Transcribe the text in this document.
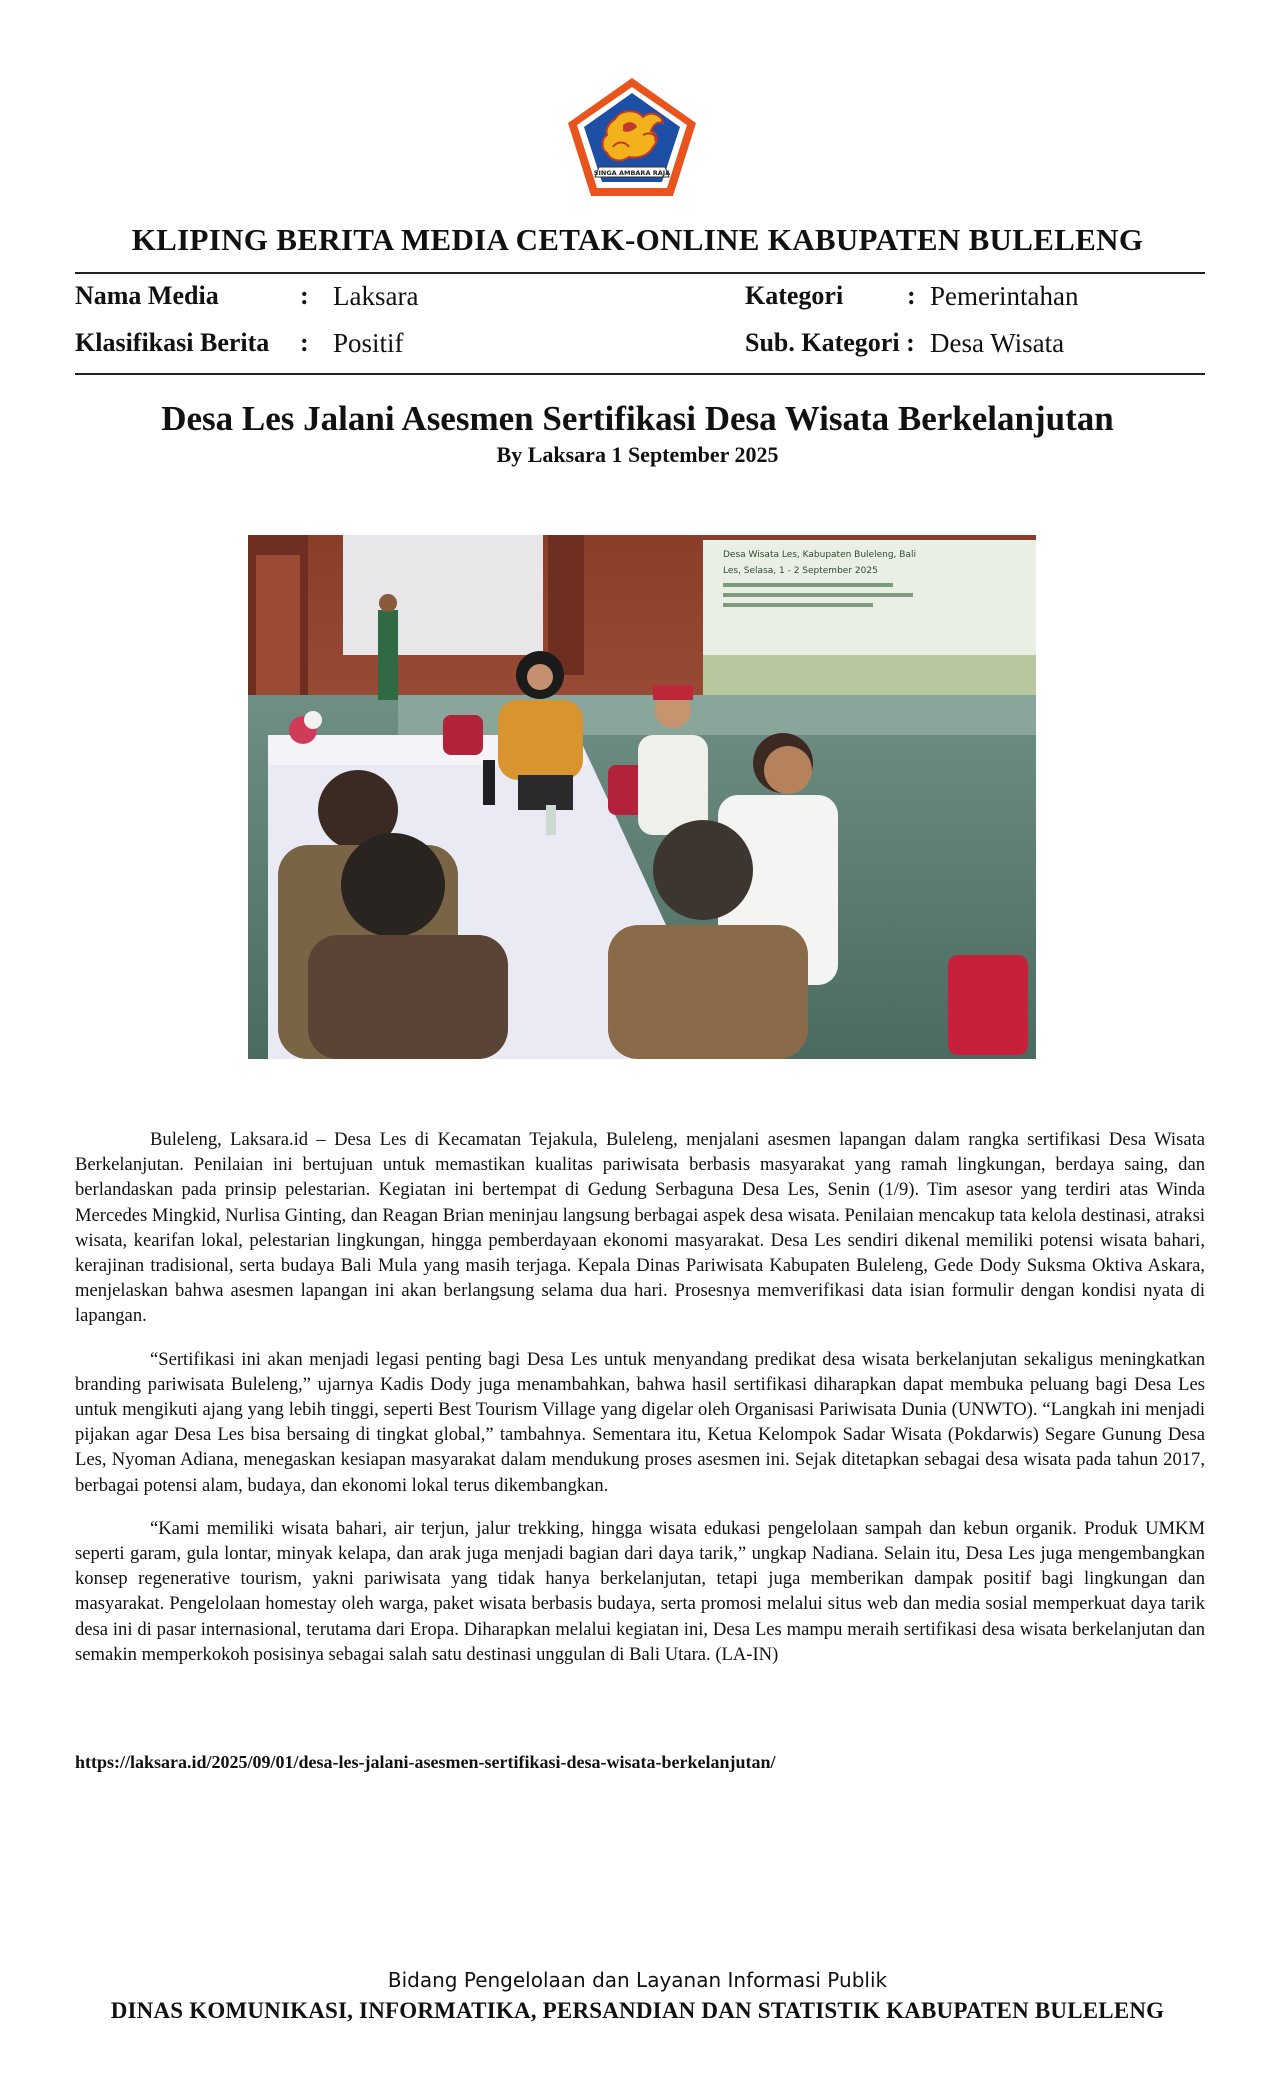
SINGA AMBARA RAJA
KLIPING BERITA MEDIA CETAK-ONLINE KABUPATEN BULELENG
Nama Media	: Laksara
Klasifikasi Berita : Positif
Kategori : Pemerintahan
Sub. Kategori : Desa Wisata
Desa Les Jalani Asesmen Sertifikasi Desa Wisata Berkelanjutan
By Laksara 1 September 2025
Desa Wisata Les, Kabupaten Buleleng, Bali
Les, Selasa, 1 - 2 September 2025

Buleleng, Laksara.id – Desa Les di Kecamatan Tejakula, Buleleng, menjalani asesmen lapangan dalam rangka sertifikasi Desa Wisata Berkelanjutan. Penilaian ini bertujuan untuk memastikan kualitas pariwisata berbasis masyarakat yang ramah lingkungan, berdaya saing, dan berlandaskan pada prinsip pelestarian. Kegiatan ini bertempat di Gedung Serbaguna Desa Les, Senin (1/9). Tim asesor yang terdiri atas Winda Mercedes Mingkid, Nurlisa Ginting, dan Reagan Brian meninjau langsung berbagai aspek desa wisata. Penilaian mencakup tata kelola destinasi, atraksi wisata, kearifan lokal, pelestarian lingkungan, hingga pemberdayaan ekonomi masyarakat. Desa Les sendiri dikenal memiliki potensi wisata bahari, kerajinan tradisional, serta budaya Bali Mula yang masih terjaga. Kepala Dinas Pariwisata Kabupaten Buleleng, Gede Dody Suksma Oktiva Askara, menjelaskan bahwa asesmen lapangan ini akan berlangsung selama dua hari. Prosesnya memverifikasi data isian formulir dengan kondisi nyata di lapangan.

“Sertifikasi ini akan menjadi legasi penting bagi Desa Les untuk menyandang predikat desa wisata berkelanjutan sekaligus meningkatkan branding pariwisata Buleleng,” ujarnya Kadis Dody juga menambahkan, bahwa hasil sertifikasi diharapkan dapat membuka peluang bagi Desa Les untuk mengikuti ajang yang lebih tinggi, seperti Best Tourism Village yang digelar oleh Organisasi Pariwisata Dunia (UNWTO). “Langkah ini menjadi pijakan agar Desa Les bisa bersaing di tingkat global,” tambahnya. Sementara itu, Ketua Kelompok Sadar Wisata (Pokdarwis) Segare Gunung Desa Les, Nyoman Adiana, menegaskan kesiapan masyarakat dalam mendukung proses asesmen ini. Sejak ditetapkan sebagai desa wisata pada tahun 2017, berbagai potensi alam, budaya, dan ekonomi lokal terus dikembangkan.

“Kami memiliki wisata bahari, air terjun, jalur trekking, hingga wisata edukasi pengelolaan sampah dan kebun organik. Produk UMKM seperti garam, gula lontar, minyak kelapa, dan arak juga menjadi bagian dari daya tarik,” ungkap Nadiana. Selain itu, Desa Les juga mengembangkan konsep regenerative tourism, yakni pariwisata yang tidak hanya berkelanjutan, tetapi juga memberikan dampak positif bagi lingkungan dan masyarakat. Pengelolaan homestay oleh warga, paket wisata berbasis budaya, serta promosi melalui situs web dan media sosial memperkuat daya tarik desa ini di pasar internasional, terutama dari Eropa. Diharapkan melalui kegiatan ini, Desa Les mampu meraih sertifikasi desa wisata berkelanjutan dan semakin memperkokoh posisinya sebagai salah satu destinasi unggulan di Bali Utara. (LA-IN)

https://laksara.id/2025/09/01/desa-les-jalani-asesmen-sertifikasi-desa-wisata-berkelanjutan/
Bidang Pengelolaan dan Layanan Informasi Publik
DINAS KOMUNIKASI, INFORMATIKA, PERSANDIAN DAN STATISTIK KABUPATEN BULELENG
